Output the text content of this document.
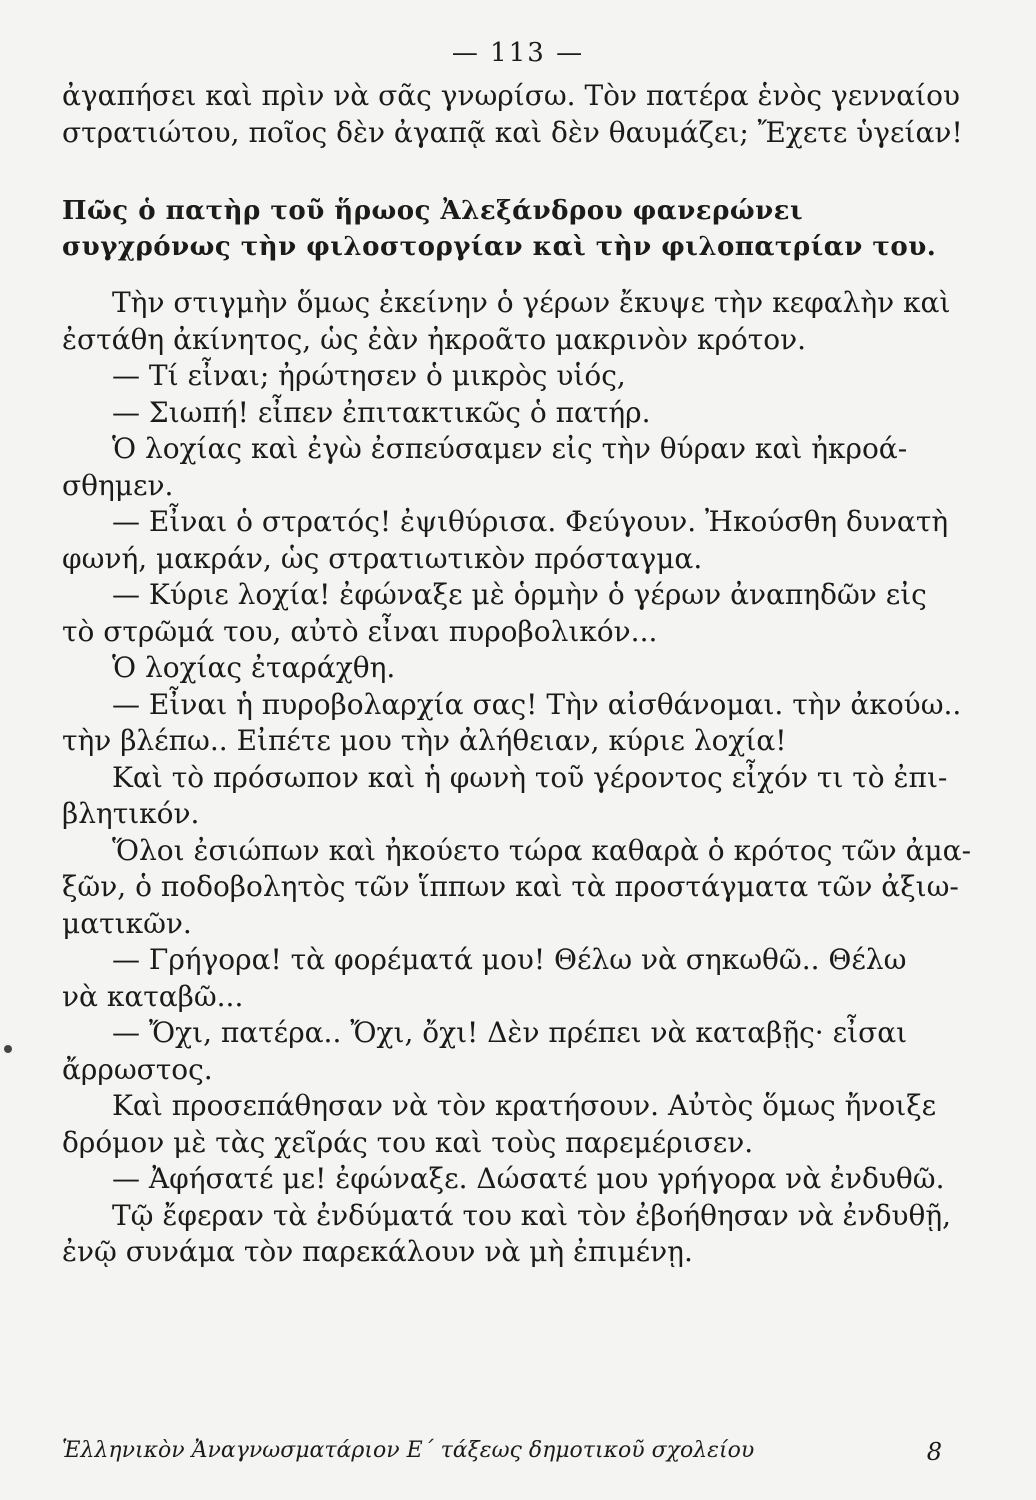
— 113 —
ἀγαπήσει καὶ πρὶν νὰ σᾶς γνωρίσω. Τὸν πατέρα ἑνὸς γενναίου
στρατιώτου, ποῖος δὲν ἀγαπᾷ καὶ δὲν θαυμάζει; Ἔχετε ὑγείαν!
Πῶς ὁ πατὴρ τοῦ ἥρωος Ἀλεξάνδρου φανερώνει
συγχρόνως τὴν φιλοστοργίαν καὶ τὴν φιλοπατρίαν του.
Τὴν στιγμὴν ὅμως ἐκείνην ὁ γέρων ἔκυψε τὴν κεφαλὴν καὶ
ἐστάθη ἀκίνητος, ὡς ἐὰν ἠκροᾶτο μακρινὸν κρότον.
— Τί εἶναι; ἠρώτησεν ὁ μικρὸς υἱός,
— Σιωπή! εἶπεν ἐπιτακτικῶς ὁ πατήρ.
Ὁ λοχίας καὶ ἐγὼ ἐσπεύσαμεν εἰς τὴν θύραν καὶ ἠκροά-
σθημεν.
— Εἶναι ὁ στρατός! ἐψιθύρισα. Φεύγουν. Ἠκούσθη δυνατὴ
φωνή, μακράν, ὡς στρατιωτικὸν πρόσταγμα.
— Κύριε λοχία! ἐφώναξε μὲ ὁρμὴν ὁ γέρων ἀναπηδῶν εἰς
τὸ στρῶμά του, αὐτὸ εἶναι πυροβολικόν...
Ὁ λοχίας ἐταράχθη.
— Εἶναι ἡ πυροβολαρχία σας! Τὴν αἰσθάνομαι. τὴν ἀκούω..
τὴν βλέπω.. Εἰπέτε μου τὴν ἀλήθειαν, κύριε λοχία!
Καὶ τὸ πρόσωπον καὶ ἡ φωνὴ τοῦ γέροντος εἶχόν τι τὸ ἐπι-
βλητικόν.
Ὅλοι ἐσιώπων καὶ ἠκούετο τώρα καθαρὰ ὁ κρότος τῶν ἀμα-
ξῶν, ὁ ποδοβολητὸς τῶν ἵππων καὶ τὰ προστάγματα τῶν ἀξιω-
ματικῶν.
— Γρήγορα! τὰ φορέματά μου! Θέλω νὰ σηκωθῶ.. Θέλω
νὰ καταβῶ...
— Ὄχι, πατέρα.. Ὄχι, ὄχι! Δὲν πρέπει νὰ καταβῇς· εἶσαι
ἄρρωστος.
Καὶ προσεπάθησαν νὰ τὸν κρατήσουν. Αὐτὸς ὅμως ἤνοιξε
δρόμον μὲ τὰς χεῖράς του καὶ τοὺς παρεμέρισεν.
— Ἀφήσατέ με! ἐφώναξε. Δώσατέ μου γρήγορα νὰ ἐνδυθῶ.
Τῷ ἔφεραν τὰ ἐνδύματά του καὶ τὸν ἐβοήθησαν νὰ ἐνδυθῇ,
ἐνῷ συνάμα τὸν παρεκάλουν νὰ μὴ ἐπιμένῃ.
Ἑλληνικὸν Ἀναγνωσματάριον Ε΄ τάξεως δημοτικοῦ σχολείου	8
